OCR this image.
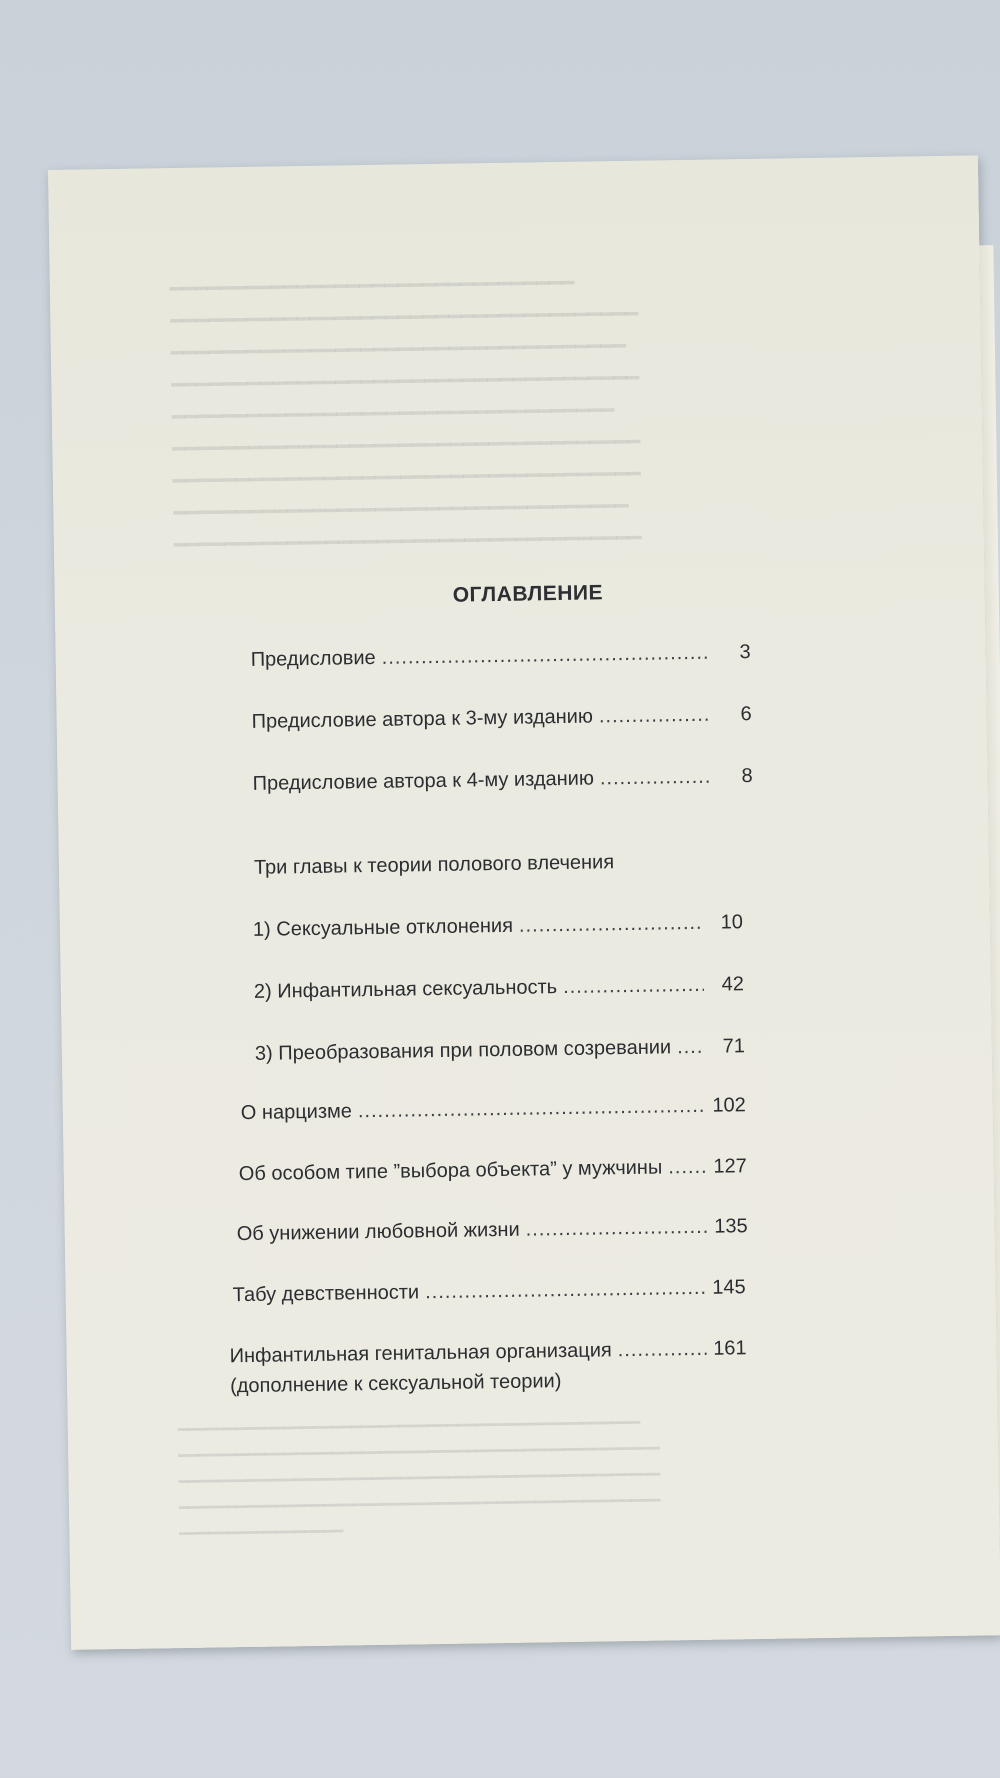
━━━━━━━━━━━━━━━━━━━━━━━━━━━━━━━━
━━━━━━━━━━━━━━━━━━━━━━━━━━━━━━━━━━━━━
━━━━━━━━━━━━━━━━━━━━━━━━━━━━━━━━━━━━
━━━━━━━━━━━━━━━━━━━━━━━━━━━━━━━━━━━━━
━━━━━━━━━━━━━━━━━━━━━━━━━━━━━━━━━━━
━━━━━━━━━━━━━━━━━━━━━━━━━━━━━━━━━━━━━
━━━━━━━━━━━━━━━━━━━━━━━━━━━━━━━━━━━━━
━━━━━━━━━━━━━━━━━━━━━━━━━━━━━━━━━━━━
━━━━━━━━━━━━━━━━━━━━━━━━━━━━━━━━━━━━━
ОГЛАВЛЕНИЕ
Предисловие .....	3
Предисловие автора к 3-му изданию .....	6
Предисловие автора к 4-му изданию .....	8
Три главы к теории полового влечения
1) Сексуальные отклонения .....	10
2) Инфантильная сексуальность .....	42
3) Преобразования при половом созревании .....	71
О нарцизме .....	102
Об особом типе ”выбора объекта” у мужчины .....	127
Об унижении любовной жизни .....	135
Табу девственности .....	145
Инфантильная генитальная организация .....	161
(дополнение к сексуальной теории)
━━━━━━━━━━━━━━━━━━━━━━━━━━━━━━━━━━━━━━━━━━━━━━━━
━━━━━━━━━━━━━━━━━━━━━━━━━━━━━━━━━━━━━━━━━━━━━━━━━━
━━━━━━━━━━━━━━━━━━━━━━━━━━━━━━━━━━━━━━━━━━━━━━━━━━
━━━━━━━━━━━━━━━━━━━━━━━━━━━━━━━━━━━━━━━━━━━━━━━━━━
━━━━━━━━━━━━━━━━━
